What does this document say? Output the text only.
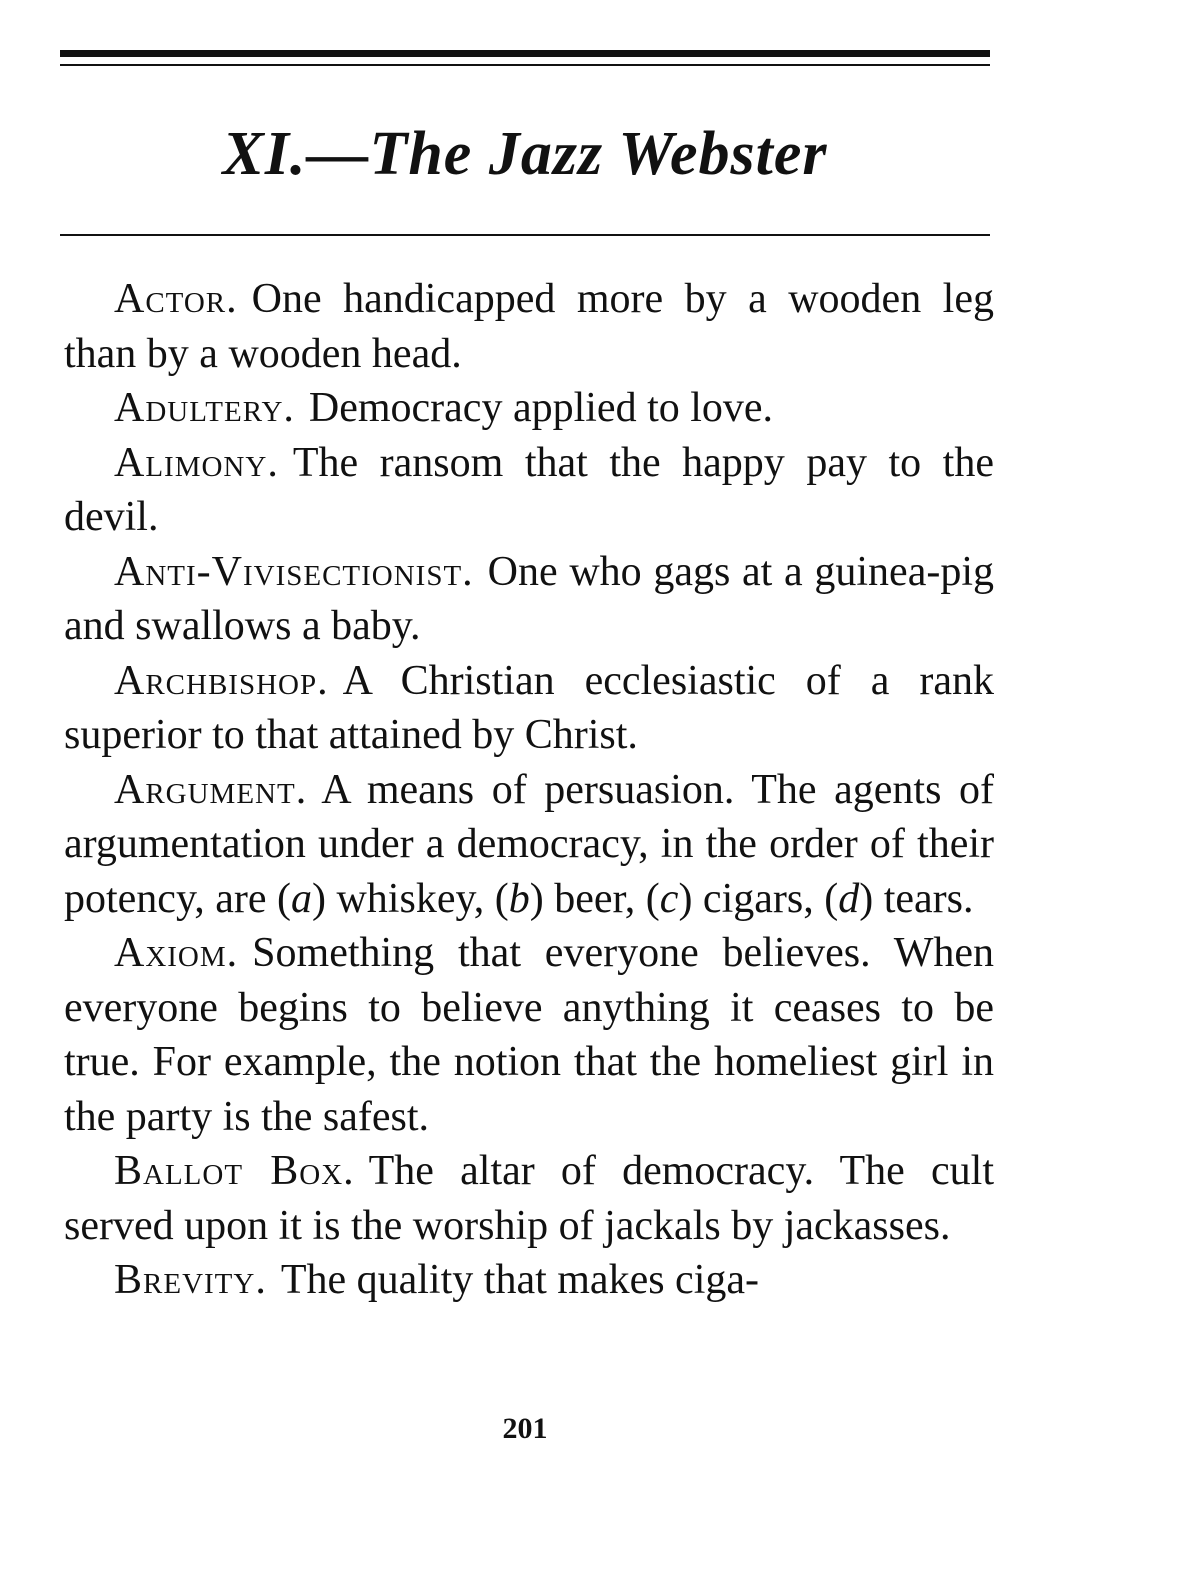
XI.—The Jazz Webster

Actor. One handicapped more by a wooden leg than by a wooden head.

Adultery. Democracy applied to love.

Alimony. The ransom that the happy pay to the devil.

Anti-Vivisectionist. One who gags at a guinea-pig and swallows a baby.

Archbishop. A Christian ecclesiastic of a rank superior to that attained by Christ.

Argument. A means of persuasion. The agents of argumentation under a democracy, in the order of their potency, are (a) whiskey, (b) beer, (c) cigars, (d) tears.

Axiom. Something that everyone believes. When everyone begins to believe anything it ceases to be true. For example, the notion that the homeliest girl in the party is the safest.

Ballot Box. The altar of democracy. The cult served upon it is the worship of jackals by jackasses.

Brevity. The quality that makes ciga-

201
